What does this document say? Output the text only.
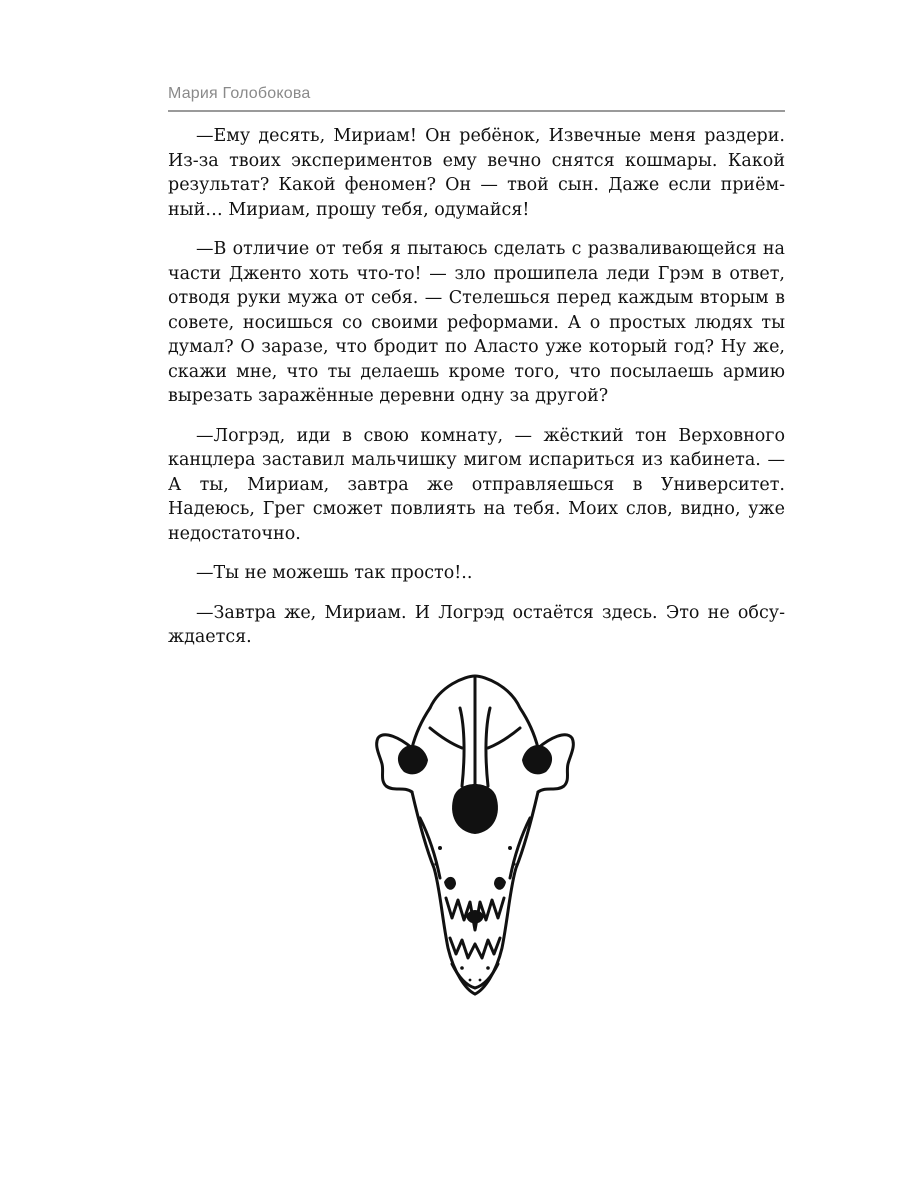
Мария Голобокова

—Ему десять, Мириам! Он ребёнок, Извечные меня раздери. Из-за твоих экспериментов ему вечно снятся кошмары. Какой результат? Какой феномен? Он — твой сын. Даже если приёмный… Мириам, прошу тебя, одумайся!

—В отличие от тебя я пытаюсь сделать с разваливающейся на части Дженто хоть что-то! — зло прошипела леди Грэм в ответ, отводя руки мужа от себя. — Стелешься перед каждым вторым в совете, носишься со своими реформами. А о простых людях ты думал? О заразе, что бродит по Аласто уже который год? Ну же, скажи мне, что ты делаешь кроме того, что посылаешь армию вырезать заражённые деревни одну за другой?

—Логрэд, иди в свою комнату, — жёсткий тон Верховного канцлера заставил мальчишку мигом испариться из кабинета. — А ты, Мириам, завтра же отправляешься в Университет. Надеюсь, Грег сможет повлиять на тебя. Моих слов, видно, уже недостаточно.

—Ты не можешь так просто!..

—Завтра же, Мириам. И Логрэд остаётся здесь. Это не обсуждается.
